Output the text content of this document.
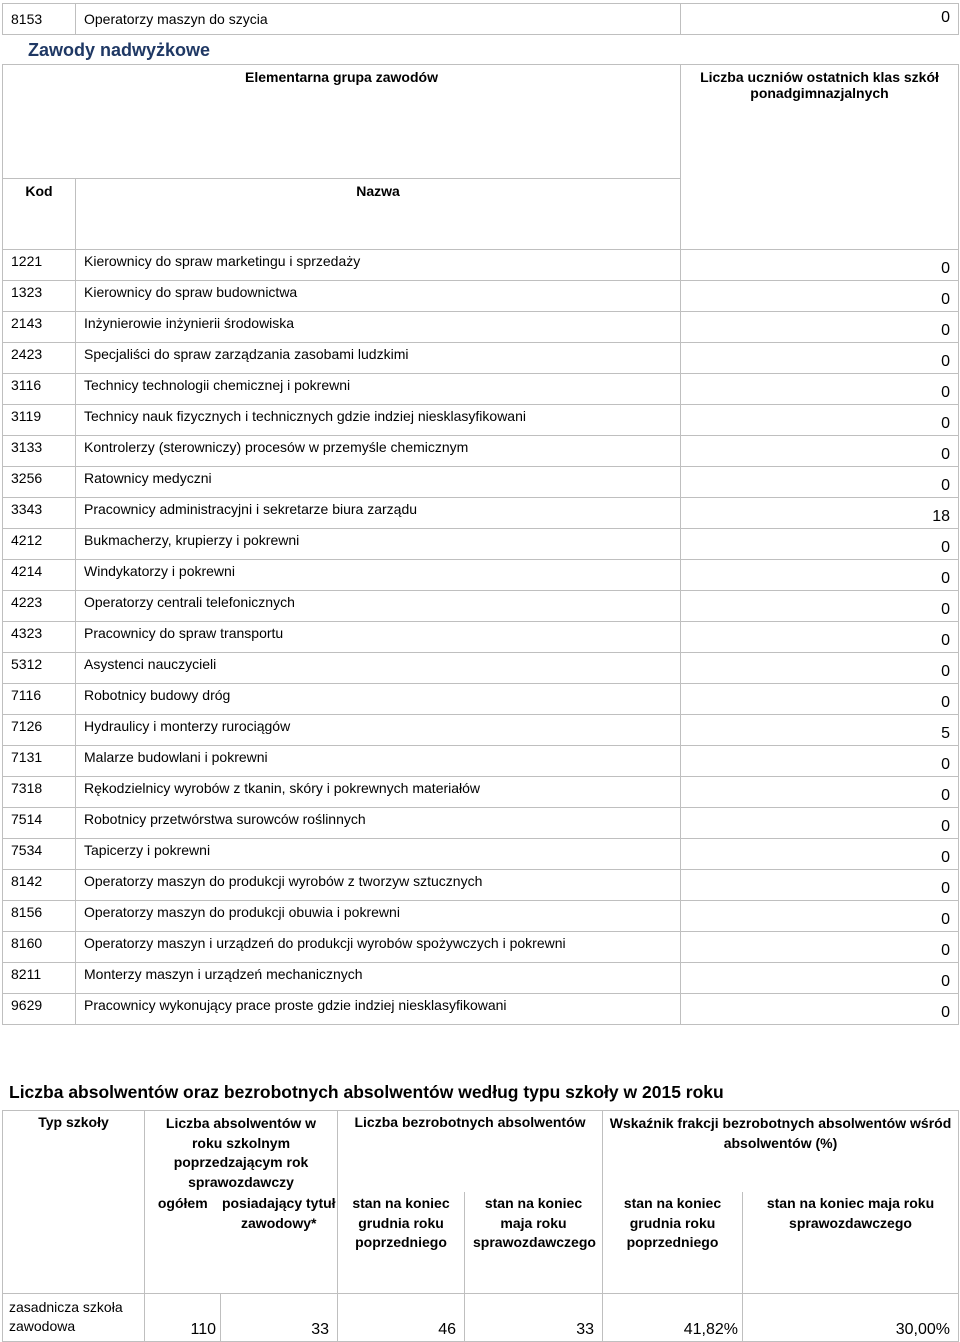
8153	Operatorzy maszyn do szycia	0
Zawody nadwyżkowe
Elementarna grupa zawodów		Liczba uczniów ostatnich klas szkół
ponadgimnazjalnych

Kod	Nazwa	
1221	Kierownicy do spraw marketingu i sprzedaży	0
1323	Kierownicy do spraw budownictwa	0
2143	Inżynierowie inżynierii środowiska	0
2423	Specjaliści do spraw zarządzania zasobami ludzkimi	0
3116	Technicy technologii chemicznej i pokrewni	0
3119	Technicy nauk fizycznych i technicznych gdzie indziej niesklasyfikowani	0
3133	Kontrolerzy (sterowniczy) procesów w przemyśle chemicznym	0
3256	Ratownicy medyczni	0
3343	Pracownicy administracyjni i sekretarze biura zarządu	18
4212	Bukmacherzy, krupierzy i pokrewni	0
4214	Windykatorzy i pokrewni	0
4223	Operatorzy centrali telefonicznych	0
4323	Pracownicy do spraw transportu	0
5312	Asystenci nauczycieli	0
7116	Robotnicy budowy dróg	0
7126	Hydraulicy i monterzy rurociągów	5
7131	Malarze budowlani i pokrewni	0
7318	Rękodzielnicy wyrobów z tkanin, skóry i pokrewnych materiałów	0
7514	Robotnicy przetwórstwa surowców roślinnych	0
7534	Tapicerzy i pokrewni	0
8142	Operatorzy maszyn do produkcji wyrobów z tworzyw sztucznych	0
8156	Operatorzy maszyn do produkcji obuwia i pokrewni	0
8160	Operatorzy maszyn i urządzeń do produkcji wyrobów spożywczych i pokrewni	0
8211	Monterzy maszyn i urządzeń mechanicznych	0
9629	Pracownicy wykonujący prace proste gdzie indziej niesklasyfikowani	0
Liczba absolwentów oraz bezrobotnych absolwentów według typu szkoły w 2015 roku
Typ szkoły	Liczba absolwentów w roku szkolnym poprzedzającym rok sprawozdawczy		Liczba bezrobotnych absolwentów		Wskaźnik frakcji bezrobotnych absolwentów wśród absolwentów (%)	
	ogółem	posiadający tytuł zawodowy*	stan na koniec grudnia roku poprzedniego	stan na koniec maja roku sprawozdawczego	stan na koniec grudnia roku poprzedniego	stan na koniec maja roku sprawozdawczego
zasadnicza szkoła zawodowa	110	33	46	33	41,82%	30,00%
